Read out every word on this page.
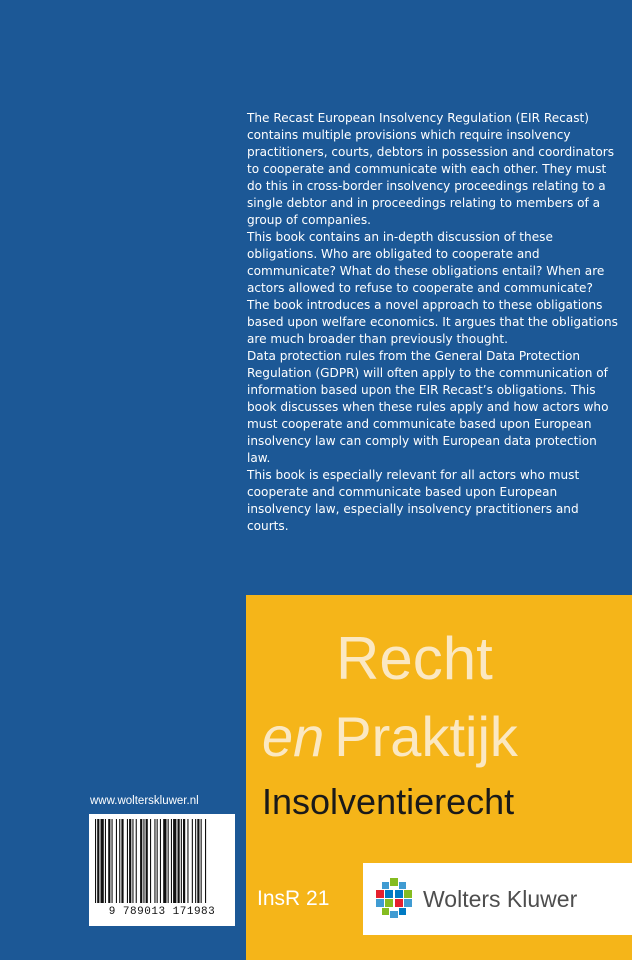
The Recast European Insolvency Regulation (EIR Recast) contains multiple provisions which require insolvency practitioners, courts, debtors in possession and coordinators to cooperate and communicate with each other. They must do this in cross-border insolvency proceedings relating to a single debtor and in proceedings relating to members of a group of companies.

This book contains an in-depth discussion of these obligations. Who are obligated to cooperate and communicate? What do these obligations entail? When are actors allowed to refuse to cooperate and communicate? The book introduces a novel approach to these obligations based upon welfare economics. It argues that the obligations are much broader than previously thought.

Data protection rules from the General Data Protection Regulation (GDPR) will often apply to the communication of information based upon the EIR Recast’s obligations. This book discusses when these rules apply and how actors who must cooperate and communicate based upon European insolvency law can comply with European data protection law.

This book is especially relevant for all actors who must cooperate and communicate based upon European insolvency law, especially insolvency practitioners and courts.

www.wolterskluwer.nl
9 789013 171983
Recht
en Praktijk
Insolventierecht
InsR 21	Wolters Kluwer
